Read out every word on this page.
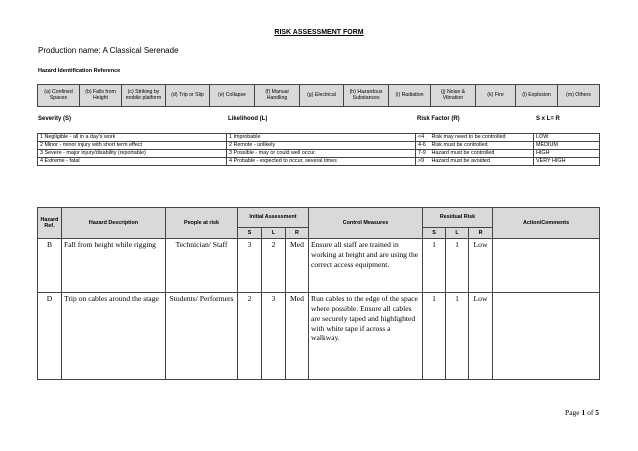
RISK ASSESSMENT FORM
Production name: A Classical Serenade
Hazard Identification Reference
(a) Confined Spaces	(b) Falls from Height	(c) Striking by mobile platform	(d) Trip or Slip	(e) Collapse	(f) Manual Handling	(g) Electrical	(h) Hazardous Substances	(i) Radiation	(j) Noise & Vibration	(k) Fire	(l) Explosion	(m) Others
Severity (S)	Likelihood (L)	Risk Factor (R)	S x L= R
1 Negligible - all in a day's work	1 Improbable	<4	Risk may need to be controlled	LOW
2 Minor - minor injury with short term effect	2 Remote - unlikely	4-6	Risk must be controlled	MEDIUM
3 Severe - major injury/disability (reportable)	3 Possible - may or could well occur	7-9	Hazard must be controlled	HIGH
4 Extreme - fatal	4 Probable - expected to occur, several times	>9	Hazard must be avoided	VERY HIGH
Hazard Ref.	Hazard Description	People at risk	Initial Assessment			Control Measures	Residual Risk			Action/Comments
			S	L	R		S	L	R	
B	Fall from height while rigging	Technician/ Staff	3	2	Med	Ensure all staff are trained in working at height and are using the correct access equipment.	1	1	Low	
D	Trip on cables around the stage	Students/ Performers	2	3	Med	Run cables to the edge of the space where possible. Ensure all cables are securely taped and highlighted with white tape if across a walkway.	1	1	Low	
Page 1 of 5
